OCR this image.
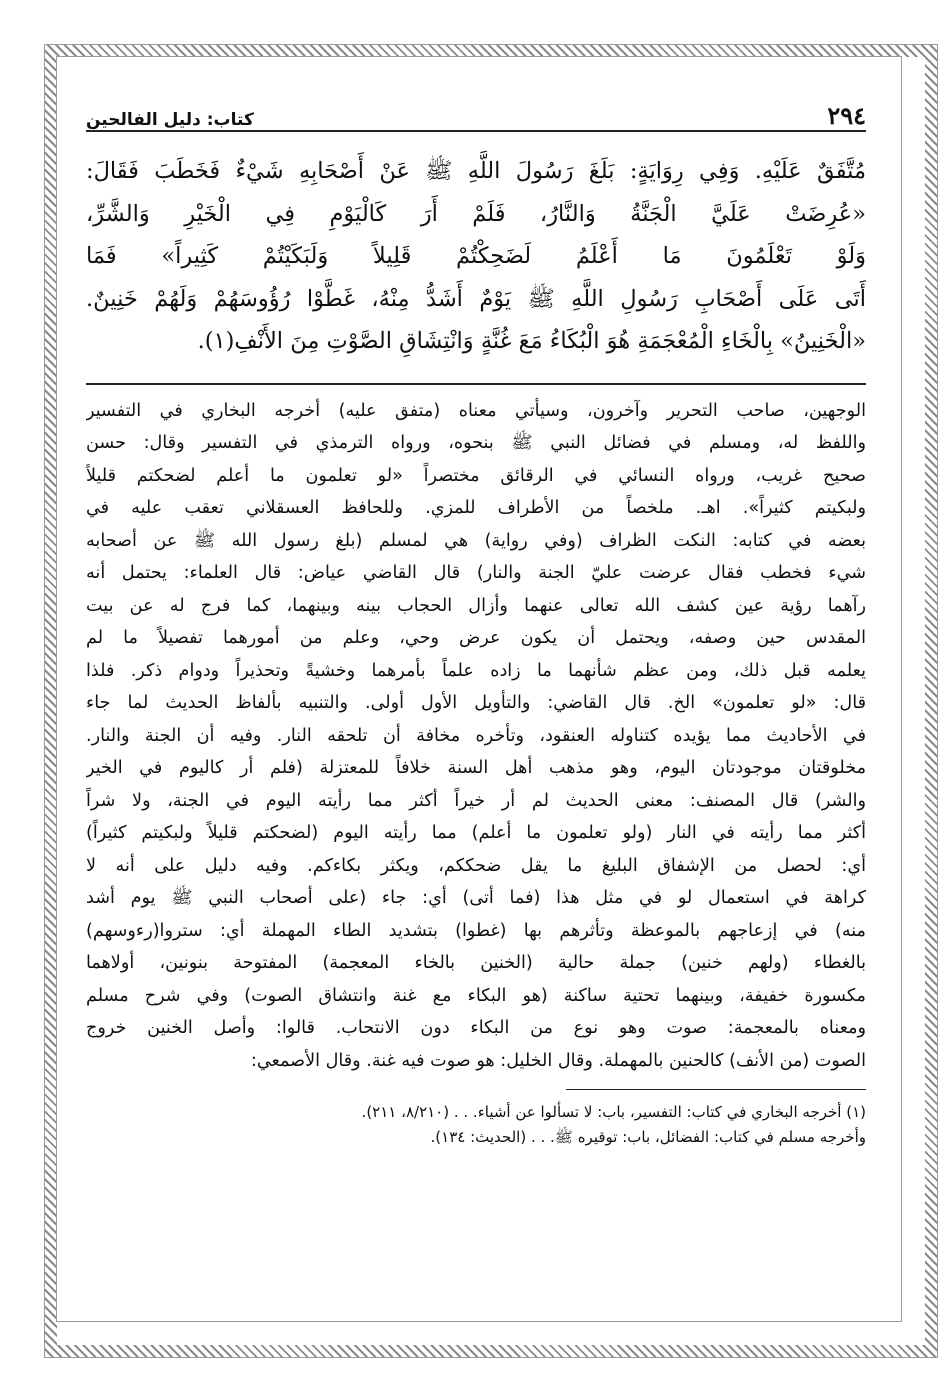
٢٩٤
كتاب: دليل الفالحين
مُتَّفَقٌ عَلَيْهِ. وَفِي رِوَايَةٍ: بَلَغَ رَسُولَ اللَّهِ ﷺ عَنْ أَصْحَابِهِ شَيْءٌ فَخَطَبَ فَقَالَ:
«عُرِضَتْ عَلَيَّ الْجَنَّةُ وَالنَّارُ، فَلَمْ أَرَ كَالْيَوْمِ فِي الْخَيْرِ وَالشَّرِّ،
وَلَوْ تَعْلَمُونَ مَا أَعْلَمُ لَضَحِكْتُمْ قَلِيلاً وَلَبَكَيْتُمْ كَثِيراً» فَمَا
أَتَى عَلَى أَصْحَابِ رَسُولِ اللَّهِ ﷺ يَوْمٌ أَشَدُّ مِنْهُ، غَطَّوْا رُؤُوسَهُمْ وَلَهُمْ خَنِينٌ.
«الْخَنِينُ» بِالْخَاءِ الْمُعْجَمَةِ هُوَ الْبُكَاءُ مَعَ غُنَّةٍ وَانْتِشَاقِ الصَّوْتِ مِنَ الأَنْفِ(١).
الوجهين، صاحب التحرير وآخرون، وسيأتي معناه (متفق عليه) أخرجه البخاري في التفسير
واللفظ له، ومسلم في فضائل النبي ﷺ بنحوه، ورواه الترمذي في التفسير وقال: حسن
صحيح غريب، ورواه النسائي في الرقائق مختصراً «لو تعلمون ما أعلم لضحكتم قليلاً
ولبكيتم كثيراً». اهـ. ملخصاً من الأطراف للمزي. وللحافظ العسقلاني تعقب عليه في
بعضه في كتابه: النكت الظراف (وفي رواية) هي لمسلم (بلغ رسول الله ﷺ عن أصحابه
شيء فخطب فقال عرضت عليّ الجنة والنار) قال القاضي عياض: قال العلماء: يحتمل أنه
رآهما رؤية عين كشف الله تعالى عنهما وأزال الحجاب بينه وبينهما، كما فرج له عن بيت
المقدس حين وصفه، ويحتمل أن يكون عرض وحي، وعلم من أمورهما تفصيلاً ما لم
يعلمه قبل ذلك، ومن عظم شأنهما ما زاده علماً بأمرهما وخشيةً وتحذيراً ودوام ذكر. فلذا
قال: «لو تعلمون» الخ. قال القاضي: والتأويل الأول أولى. والتنبيه بألفاظ الحديث لما جاء
في الأحاديث مما يؤيده كتناوله العنقود، وتأخره مخافة أن تلحقه النار. وفيه أن الجنة والنار.
مخلوقتان موجودتان اليوم، وهو مذهب أهل السنة خلافاً للمعتزلة (فلم أر كاليوم في الخير
والشر) قال المصنف: معنى الحديث لم أر خيراً أكثر مما رأيته اليوم في الجنة، ولا شراً
أكثر مما رأيته في النار (ولو تعلمون ما أعلم) مما رأيته اليوم (لضحكتم قليلاً ولبكيتم كثيراً)
أي: لحصل من الإشفاق البليغ ما يقل ضحككم، ويكثر بكاءكم. وفيه دليل على أنه لا
كراهة في استعمال لو في مثل هذا (فما أتى) أي: جاء (على أصحاب النبي ﷺ يوم أشد
منه) في إزعاجهم بالموعظة وتأثرهم بها (غطوا) بتشديد الطاء المهملة أي: ستروا(رءوسهم)
بالغطاء (ولهم خنين) جملة حالية (الخنين بالخاء المعجمة) المفتوحة بنونين، أولاهما
مكسورة خفيفة، وبينهما تحتية ساكنة (هو البكاء مع غنة وانتشاق الصوت) وفي شرح مسلم
ومعناه بالمعجمة: صوت وهو نوع من البكاء دون الانتحاب. قالوا: وأصل الخنين خروج
الصوت (من الأنف) كالحنين بالمهملة. وقال الخليل: هو صوت فيه غنة. وقال الأصمعي:
(١) أخرجه البخاري في كتاب: التفسير، باب: لا تسألوا عن أشياء. . . (٨/٢١٠، ٢١١).
وأخرجه مسلم في كتاب: الفضائل، باب: توقيره ﷺ. . . (الحديث: ١٣٤).
